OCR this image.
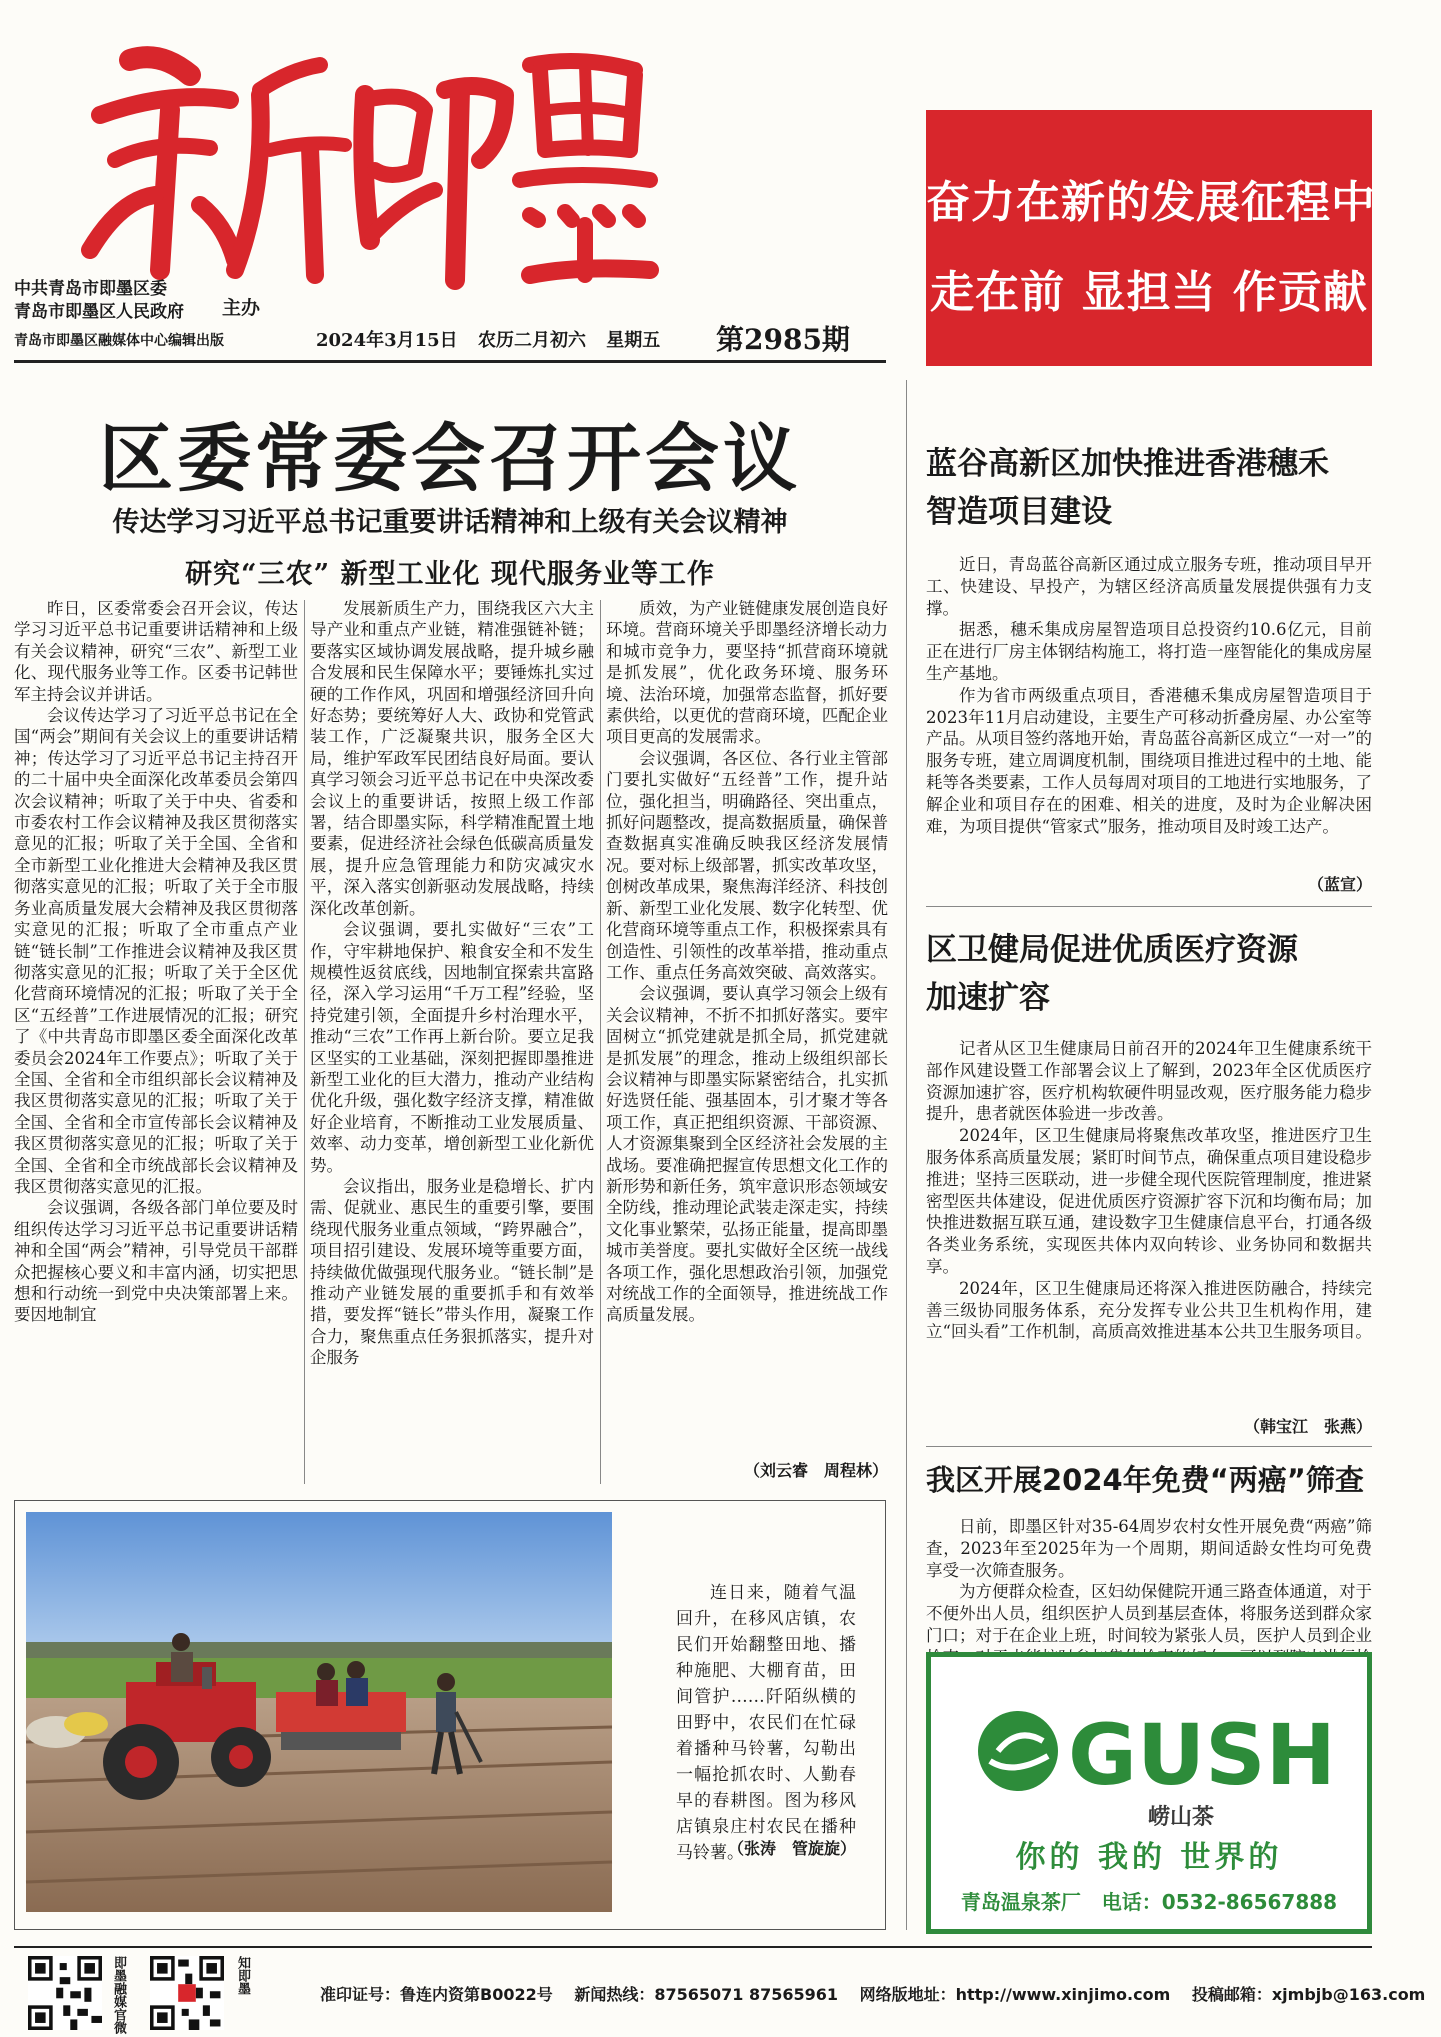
中共青岛市即墨区委
青岛市即墨区人民政府 主办
青岛市即墨区融媒体中心编辑出版	2024年3月15日 农历二月初六 星期五	第2985期
奋力在新的发展征程中
走在前 显担当 作贡献
区委常委会召开会议
传达学习习近平总书记重要讲话精神和上级有关会议精神
研究“三农” 新型工业化 现代服务业等工作

昨日，区委常委会召开会议，传达学习习近平总书记重要讲话精神和上级有关会议精神，研究“三农”、新型工业化、现代服务业等工作。区委书记韩世军主持会议并讲话。

会议传达学习了习近平总书记在全国“两会”期间有关会议上的重要讲话精神；传达学习了习近平总书记主持召开的二十届中央全面深化改革委员会第四次会议精神；听取了关于中央、省委和市委农村工作会议精神及我区贯彻落实意见的汇报；听取了关于全国、全省和全市新型工业化推进大会精神及我区贯彻落实意见的汇报；听取了关于全市服务业高质量发展大会精神及我区贯彻落实意见的汇报；听取了全市重点产业链“链长制”工作推进会议精神及我区贯彻落实意见的汇报；听取了关于全区优化营商环境情况的汇报；听取了关于全区“五经普”工作进展情况的汇报；研究了《中共青岛市即墨区委全面深化改革委员会2024年工作要点》；听取了关于全国、全省和全市组织部长会议精神及我区贯彻落实意见的汇报；听取了关于全国、全省和全市宣传部长会议精神及我区贯彻落实意见的汇报；听取了关于全国、全省和全市统战部长会议精神及我区贯彻落实意见的汇报。

会议强调，各级各部门单位要及时组织传达学习习近平总书记重要讲话精神和全国“两会”精神，引导党员干部群众把握核心要义和丰富内涵，切实把思想和行动统一到党中央决策部署上来。要因地制宜

发展新质生产力，围绕我区六大主导产业和重点产业链，精准强链补链；要落实区域协调发展战略，提升城乡融合发展和民生保障水平；要锤炼扎实过硬的工作作风，巩固和增强经济回升向好态势；要统筹好人大、政协和党管武装工作，广泛凝聚共识，服务全区大局，维护军政军民团结良好局面。要认真学习领会习近平总书记在中央深改委会议上的重要讲话，按照上级工作部署，结合即墨实际，科学精准配置土地要素，促进经济社会绿色低碳高质量发展，提升应急管理能力和防灾减灾水平，深入落实创新驱动发展战略，持续深化改革创新。

会议强调，要扎实做好“三农”工作，守牢耕地保护、粮食安全和不发生规模性返贫底线，因地制宜探索共富路径，深入学习运用“千万工程”经验，坚持党建引领，全面提升乡村治理水平，推动“三农”工作再上新台阶。要立足我区坚实的工业基础，深刻把握即墨推进新型工业化的巨大潜力，推动产业结构优化升级，强化数字经济支撑，精准做好企业培育，不断推动工业发展质量、效率、动力变革，增创新型工业化新优势。

会议指出，服务业是稳增长、扩内需、促就业、惠民生的重要引擎，要围绕现代服务业重点领域，“跨界融合”，项目招引建设、发展环境等重要方面，持续做优做强现代服务业。“链长制”是推动产业链发展的重要抓手和有效举措，要发挥“链长”带头作用，凝聚工作合力，聚焦重点任务狠抓落实，提升对企服务

质效，为产业链健康发展创造良好环境。营商环境关乎即墨经济增长动力和城市竞争力，要坚持“抓营商环境就是抓发展”，优化政务环境、服务环境、法治环境，加强常态监督，抓好要素供给，以更优的营商环境，匹配企业项目更高的发展需求。

会议强调，各区位、各行业主管部门要扎实做好“五经普”工作，提升站位，强化担当，明确路径、突出重点，抓好问题整改，提高数据质量，确保普查数据真实准确反映我区经济发展情况。要对标上级部署，抓实改革攻坚，创树改革成果，聚焦海洋经济、科技创新、新型工业化发展、数字化转型、优化营商环境等重点工作，积极探索具有创造性、引领性的改革举措，推动重点工作、重点任务高效突破、高效落实。

会议强调，要认真学习领会上级有关会议精神，不折不扣抓好落实。要牢固树立“抓党建就是抓全局，抓党建就是抓发展”的理念，推动上级组织部长会议精神与即墨实际紧密结合，扎实抓好选贤任能、强基固本，引才聚才等各项工作，真正把组织资源、干部资源、人才资源集聚到全区经济社会发展的主战场。要准确把握宣传思想文化工作的新形势和新任务，筑牢意识形态领域安全防线，推动理论武装走深走实，持续文化事业繁荣，弘扬正能量，提高即墨城市美誉度。要扎实做好全区统一战线各项工作，强化思想政治引领，加强党对统战工作的全面领导，推进统战工作高质量发展。

（刘云睿　周程林）

连日来，随着气温回升，在移风店镇，农民们开始翻整田地、播种施肥、大棚育苗，田间管护……阡陌纵横的田野中，农民们在忙碌着播种马铃薯，勾勒出一幅抢抓农时、人勤春早的春耕图。图为移风店镇泉庄村农民在播种马铃薯。

（张涛　管旋旋）
蓝谷高新区加快推进香港穗禾
智造项目建设

近日，青岛蓝谷高新区通过成立服务专班，推动项目早开工、快建设、早投产，为辖区经济高质量发展提供强有力支撑。

据悉，穗禾集成房屋智造项目总投资约10.6亿元，目前正在进行厂房主体钢结构施工，将打造一座智能化的集成房屋生产基地。

作为省市两级重点项目，香港穗禾集成房屋智造项目于2023年11月启动建设，主要生产可移动折叠房屋、办公室等产品。从项目签约落地开始，青岛蓝谷高新区成立“一对一”的服务专班，建立周调度机制，围绕项目推进过程中的土地、能耗等各类要素，工作人员每周对项目的工地进行实地服务，了解企业和项目存在的困难、相关的进度，及时为企业解决困难，为项目提供“管家式”服务，推动项目及时竣工达产。

（蓝宣）
区卫健局促进优质医疗资源
加速扩容

记者从区卫生健康局日前召开的2024年卫生健康系统干部作风建设暨工作部署会议上了解到，2023年全区优质医疗资源加速扩容，医疗机构软硬件明显改观，医疗服务能力稳步提升，患者就医体验进一步改善。

2024年，区卫生健康局将聚焦改革攻坚，推进医疗卫生服务体系高质量发展；紧盯时间节点，确保重点项目建设稳步推进；坚持三医联动，进一步健全现代医院管理制度，推进紧密型医共体建设，促进优质医疗资源扩容下沉和均衡布局；加快推进数据互联互通，建设数字卫生健康信息平台，打通各级各类业务系统，实现医共体内双向转诊、业务协同和数据共享。

2024年，区卫生健康局还将深入推进医防融合，持续完善三级协同服务体系，充分发挥专业公共卫生机构作用，建立“回头看”工作机制，高质高效推进基本公共卫生服务项目。

（韩宝江　张燕）
我区开展2024年免费“两癌”筛查

日前，即墨区针对35-64周岁农村女性开展免费“两癌”筛查，2023年至2025年为一个周期，期间适龄女性均可免费享受一次筛查服务。

为方便群众检查，区妇幼保健院开通三路查体通道，对于不便外出人员，组织医护人员到基层查体，将服务送到群众家门口；对于在企业上班，时间较为紧张人员，医护人员到企业

GUSH
崂山茶
你的 我的 世界的
青岛温泉茶厂 电话：0532-86567888
即墨融媒官微	知即墨	准印证号：鲁连内资第B0022号 新闻热线：87565071 87565961 网络版地址：http://www.xinjimo.com 投稿邮箱：xjmbjb@163.com
